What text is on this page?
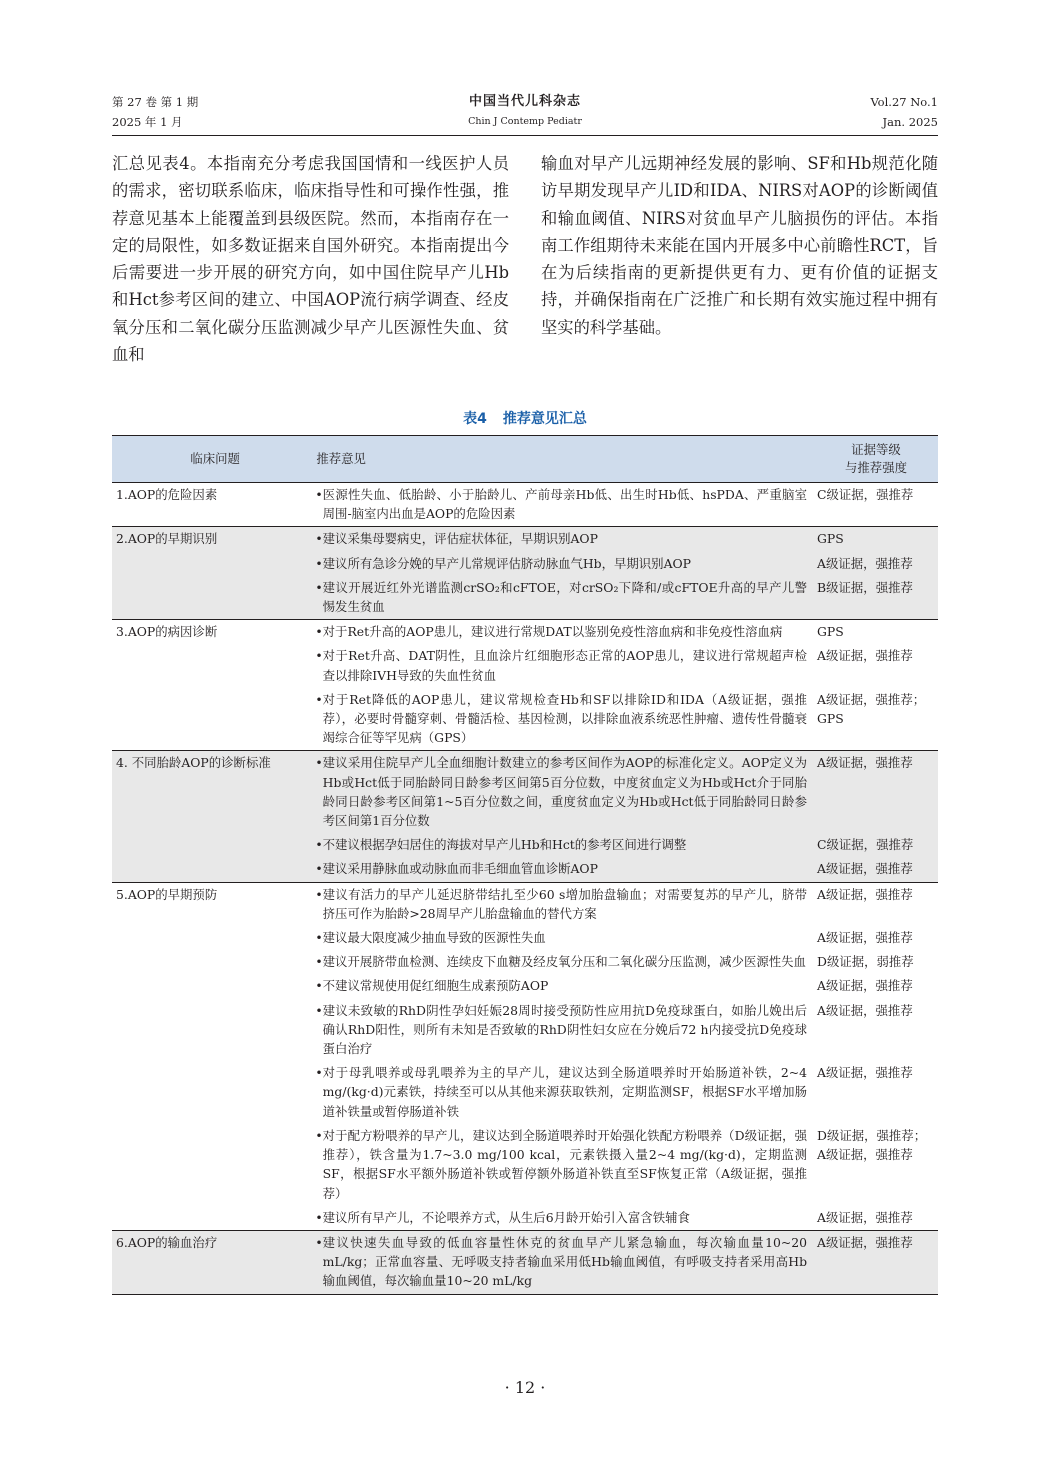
第 27 卷 第 1 期
2025 年 1 月
中国当代儿科杂志
Chin J Contemp Pediatr
Vol.27 No.1
Jan. 2025
汇总见表4。本指南充分考虑我国国情和一线医护人员的需求，密切联系临床，临床指导性和可操作性强，推荐意见基本上能覆盖到县级医院。然而，本指南存在一定的局限性，如多数证据来自国外研究。本指南提出今后需要进一步开展的研究方向，如中国住院早产儿Hb和Hct参考区间的建立、中国AOP流行病学调查、经皮氧分压和二氧化碳分压监测减少早产儿医源性失血、贫血和
输血对早产儿远期神经发展的影响、SF和Hb规范化随访早期发现早产儿ID和IDA、NIRS对AOP的诊断阈值和输血阈值、NIRS对贫血早产儿脑损伤的评估。本指南工作组期待未来能在国内开展多中心前瞻性RCT，旨在为后续指南的更新提供更有力、更有价值的证据支持，并确保指南在广泛推广和长期有效实施过程中拥有坚实的科学基础。
表4 推荐意见汇总
临床问题	推荐意见	证据等级
与推荐强度

1.AOP的危险因素	• 医源性失血、低胎龄、小于胎龄儿、产前母亲Hb低、出生时Hb低、hsPDA、严重脑室周围-脑室内出血是AOP的危险因素	C级证据，强推荐
2.AOP的早期识别	• 建议采集母婴病史，评估症状体征，早期识别AOP	GPS

	• 建议所有急诊分娩的早产儿常规评估脐动脉血气Hb，早期识别AOP	A级证据，强推荐

	• 建议开展近红外光谱监测crSO₂和cFTOE，对crSO₂下降和/或cFTOE升高的早产儿警惕发生贫血	B级证据，强推荐
3.AOP的病因诊断	• 对于Ret升高的AOP患儿，建议进行常规DAT以鉴别免疫性溶血病和非免疫性溶血病	GPS

	• 对于Ret升高、DAT阴性，且血涂片红细胞形态正常的AOP患儿，建议进行常规超声检查以排除IVH导致的失血性贫血	A级证据，强推荐

	• 对于Ret降低的AOP患儿，建议常规检查Hb和SF以排除ID和IDA（A级证据，强推荐），必要时骨髓穿刺、骨髓活检、基因检测，以排除血液系统恶性肿瘤、遗传性骨髓衰竭综合征等罕见病（GPS）	A级证据，强推荐；GPS
4. 不同胎龄AOP的诊断标准	• 建议采用住院早产儿全血细胞计数建立的参考区间作为AOP的标准化定义。AOP定义为Hb或Hct低于同胎龄同日龄参考区间第5百分位数，中度贫血定义为Hb或Hct介于同胎龄同日龄参考区间第1~5百分位数之间，重度贫血定义为Hb或Hct低于同胎龄同日龄参考区间第1百分位数	A级证据，强推荐

	• 不建议根据孕妇居住的海拔对早产儿Hb和Hct的参考区间进行调整	C级证据，强推荐

	• 建议采用静脉血或动脉血而非毛细血管血诊断AOP	A级证据，强推荐
5.AOP的早期预防	• 建议有活力的早产儿延迟脐带结扎至少60 s增加胎盘输血；对需要复苏的早产儿，脐带挤压可作为胎龄>28周早产儿胎盘输血的替代方案	A级证据，强推荐

	• 建议最大限度减少抽血导致的医源性失血	A级证据，强推荐

	• 建议开展脐带血检测、连续皮下血糖及经皮氧分压和二氧化碳分压监测，减少医源性失血	D级证据，弱推荐

	• 不建议常规使用促红细胞生成素预防AOP	A级证据，强推荐

	• 建议未致敏的RhD阴性孕妇妊娠28周时接受预防性应用抗D免疫球蛋白，如胎儿娩出后确认RhD阳性，则所有未知是否致敏的RhD阴性妇女应在分娩后72 h内接受抗D免疫球蛋白治疗	A级证据，强推荐

	• 对于母乳喂养或母乳喂养为主的早产儿，建议达到全肠道喂养时开始肠道补铁，2~4 mg/(kg·d)元素铁，持续至可以从其他来源获取铁剂，定期监测SF，根据SF水平增加肠道补铁量或暂停肠道补铁	A级证据，强推荐

	• 对于配方粉喂养的早产儿，建议达到全肠道喂养时开始强化铁配方粉喂养（D级证据，强推荐），铁含量为1.7~3.0 mg/100 kcal，元素铁摄入量2~4 mg/(kg·d)，定期监测SF，根据SF水平额外肠道补铁或暂停额外肠道补铁直至SF恢复正常（A级证据，强推荐）	D级证据，强推荐；A级证据，强推荐

	• 建议所有早产儿，不论喂养方式，从生后6月龄开始引入富含铁辅食	A级证据，强推荐
6.AOP的输血治疗	• 建议快速失血导致的低血容量性休克的贫血早产儿紧急输血，每次输血量10~20 mL/kg；正常血容量、无呼吸支持者输血采用低Hb输血阈值，有呼吸支持者采用高Hb输血阈值，每次输血量10~20 mL/kg	A级证据，强推荐
· 12 ·
